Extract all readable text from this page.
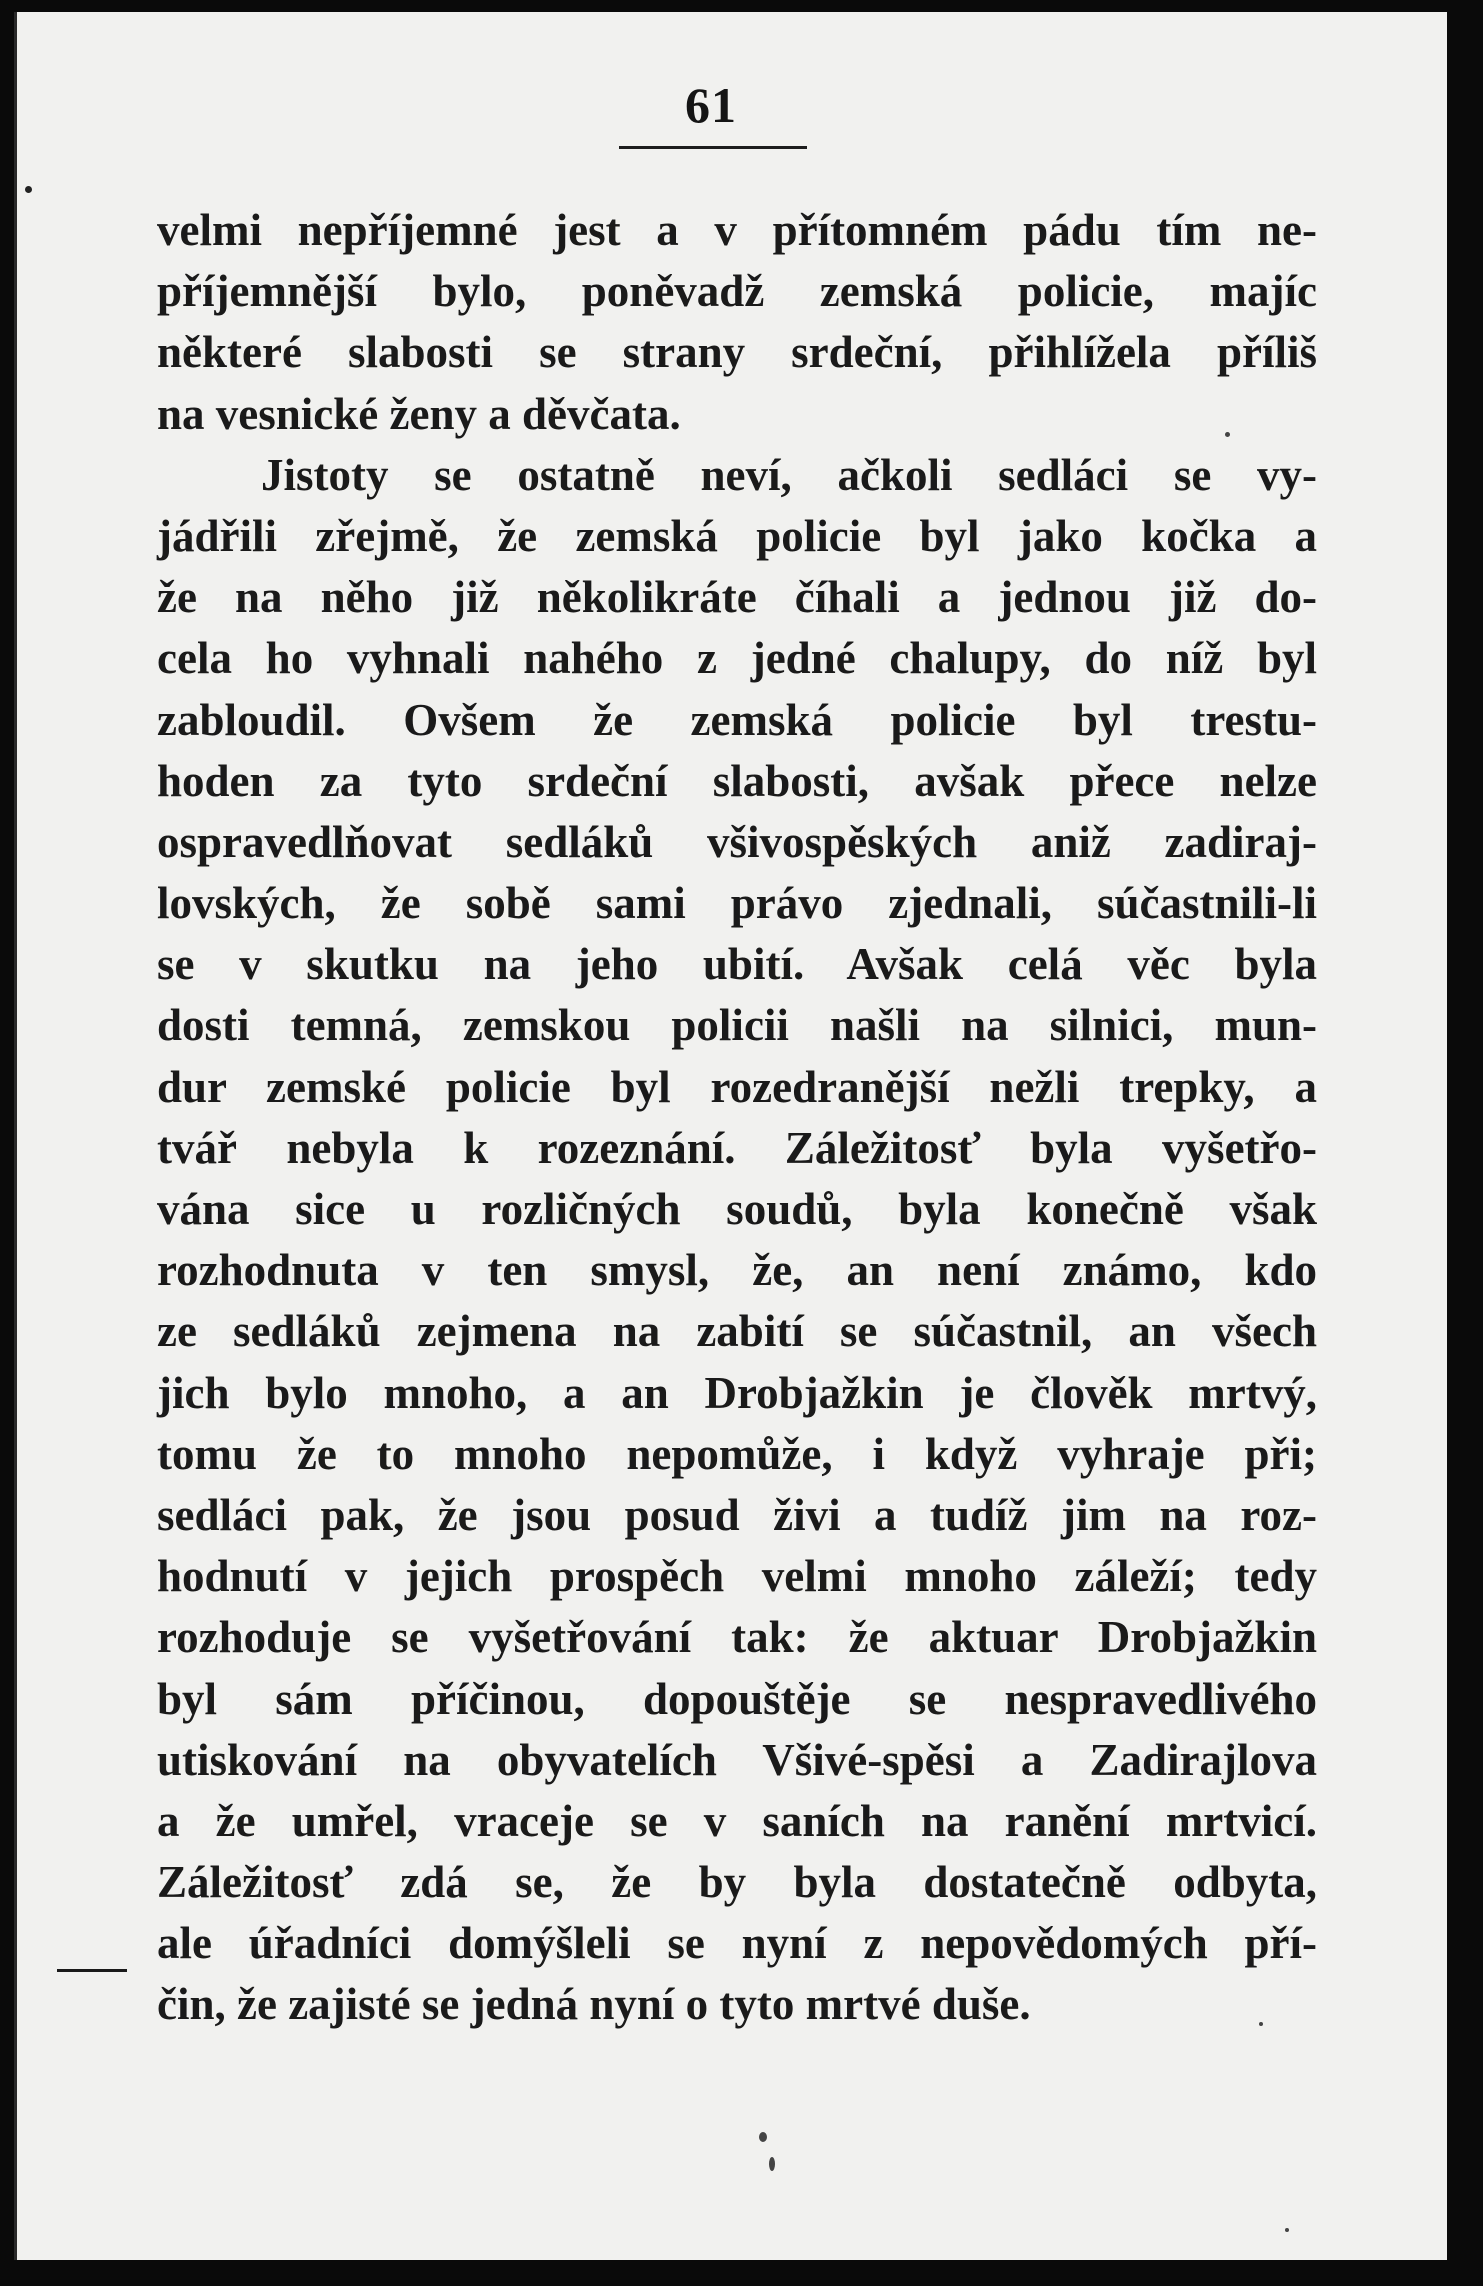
61
velmi nepříjemné jest a v přítomném pádu tím ne-
příjemnější bylo, poněvadž zemská policie, majíc
některé slabosti se strany srdeční, přihlížela příliš
na vesnické ženy a děvčata.
Jistoty se ostatně neví, ačkoli sedláci se vy-
jádřili zřejmě, že zemská policie byl jako kočka a
že na něho již několikráte číhali a jednou již do-
cela ho vyhnali nahého z jedné chalupy, do níž byl
zabloudil. Ovšem že zemská policie byl trestu-
hoden za tyto srdeční slabosti, avšak přece nelze
ospravedlňovat sedláků všivospěských aniž zadiraj-
lovských, že sobě sami právo zjednali, súčastnili-li
se v skutku na jeho ubití. Avšak celá věc byla
dosti temná, zemskou policii našli na silnici, mun-
dur zemské policie byl rozedranější nežli trepky, a
tvář nebyla k rozeznání. Záležitosť byla vyšetřo-
vána sice u rozličných soudů, byla konečně však
rozhodnuta v ten smysl, že, an není známo, kdo
ze sedláků zejmena na zabití se súčastnil, an všech
jich bylo mnoho, a an Drobjažkin je člověk mrtvý,
tomu že to mnoho nepomůže, i když vyhraje při;
sedláci pak, že jsou posud živi a tudíž jim na roz-
hodnutí v jejich prospěch velmi mnoho záleží; tedy
rozhoduje se vyšetřování tak: že aktuar Drobjažkin
byl sám příčinou, dopouštěje se nespravedlivého
utiskování na obyvatelích Všivé-spěsi a Zadirajlova
a že umřel, vraceje se v saních na ranění mrtvicí.
Záležitosť zdá se, že by byla dostatečně odbyta,
ale úřadníci domýšleli se nyní z nepovědomých pří-
čin, že zajisté se jedná nyní o tyto mrtvé duše.
